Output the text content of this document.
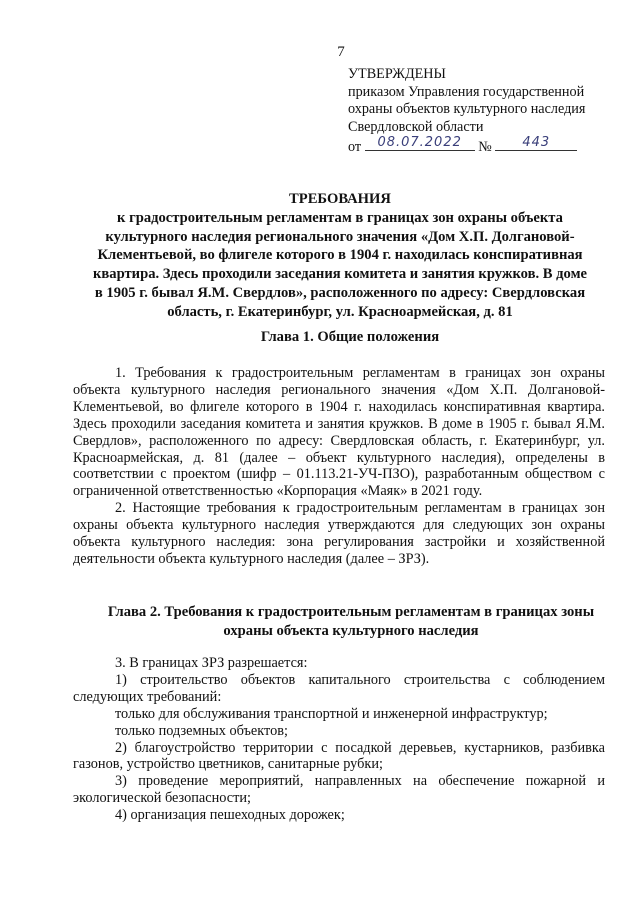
7
УТВЕРЖДЕНЫ
приказом Управления государственной
охраны объектов культурного наследия
Свердловской области
от	08.07.2022	№	443
ТРЕБОВАНИЯ
к градостроительным регламентам в границах зон охраны объекта
культурного наследия регионального значения «Дом Х.П. Долгановой-
Клементьевой, во флигеле которого в 1904 г. находилась конспиративная
квартира. Здесь проходили заседания комитета и занятия кружков. В доме
в 1905 г. бывал Я.М. Свердлов», расположенного по адресу: Свердловская
область, г. Екатеринбург, ул. Красноармейская, д. 81
Глава 1. Общие положения

1. Требования к градостроительным регламентам в границах зон охраны объекта культурного наследия регионального значения «Дом Х.П. Долгановой-Клементьевой, во флигеле которого в 1904 г. находилась конспиративная квартира. Здесь проходили заседания комитета и занятия кружков. В доме в 1905 г. бывал Я.М. Свердлов», расположенного по адресу: Свердловская область, г. Екатеринбург, ул. Красноармейская, д. 81 (далее – объект культурного наследия), определены в соответствии с проектом (шифр – 01.113.21-УЧ-ПЗО), разработанным обществом с ограниченной ответственностью «Корпорация «Маяк» в 2021 году.

2. Настоящие требования к градостроительным регламентам в границах зон охраны объекта культурного наследия утверждаются для следующих зон охраны объекта культурного наследия: зона регулирования застройки и хозяйственной деятельности объекта культурного наследия (далее – ЗРЗ).

Глава 2. Требования к градостроительным регламентам в границах зоны
охраны объекта культурного наследия

3. В границах ЗРЗ разрешается:

1) строительство объектов капитального строительства с соблюдением следующих требований:

только для обслуживания транспортной и инженерной инфраструктур;

только подземных объектов;

2) благоустройство территории с посадкой деревьев, кустарников, разбивка газонов, устройство цветников, санитарные рубки;

3) проведение мероприятий, направленных на обеспечение пожарной и экологической безопасности;

4) организация пешеходных дорожек;
